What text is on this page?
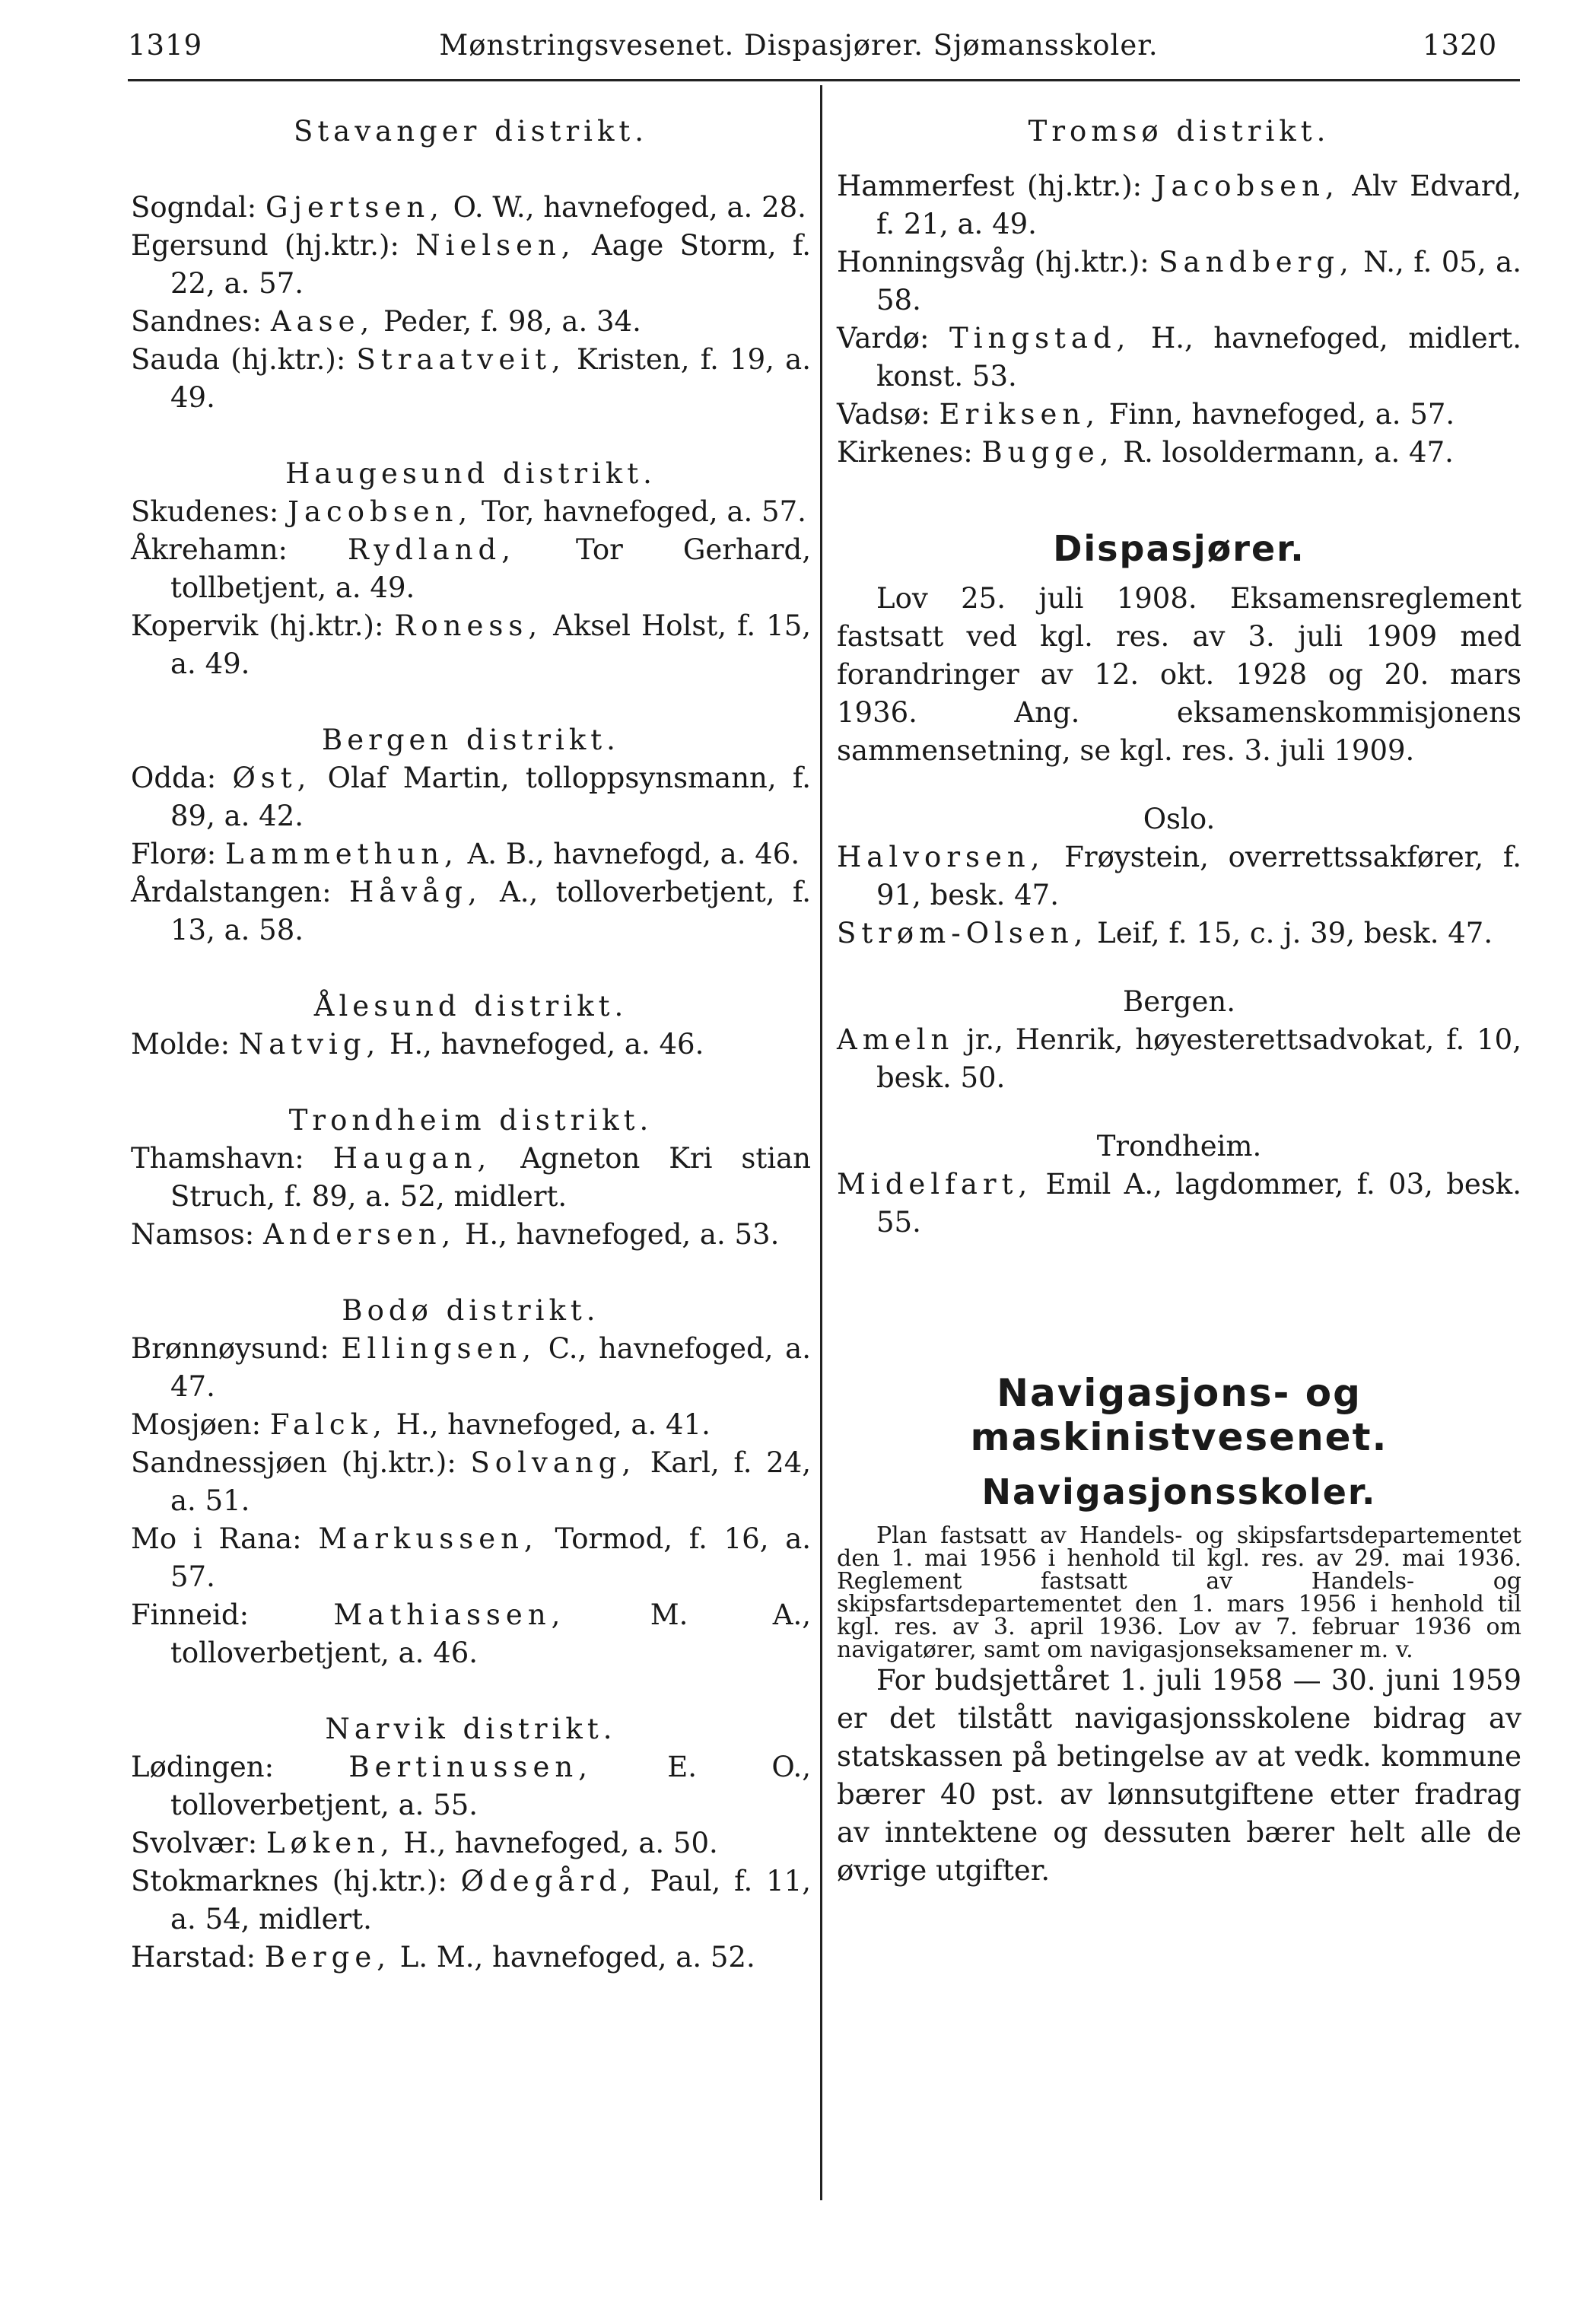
1319	Mønstringsvesenet. Dispasjører. Sjømansskoler.	1320

Stavanger distrikt.

Sogndal: Gjertsen, O. W., havnefoged, a. 28.

Egersund (hj.ktr.): Nielsen, Aage Storm, f. 22, a. 57.

Sandnes: Aase, Peder, f. 98, a. 34.

Sauda (hj.ktr.): Straatveit, Kristen, f. 19, a. 49.

Haugesund distrikt.

Skudenes: Jacobsen, Tor, havnefoged, a. 57.

Åkrehamn: Rydland, Tor Gerhard, tollbetjent, a. 49.

Kopervik (hj.ktr.): Roness, Aksel Holst, f. 15, a. 49.

Bergen distrikt.

Odda: Øst, Olaf Martin, tolloppsynsmann, f. 89, a. 42.

Florø: Lammethun, A. B., havnefogd, a. 46.

Årdalstangen: Håvåg, A., tolloverbetjent, f. 13, a. 58.

Ålesund distrikt.

Molde: Natvig, H., havnefoged, a. 46.

Trondheim distrikt.

Thamshavn: Haugan, Agneton Kri stian Struch, f. 89, a. 52, midlert.

Namsos: Andersen, H., havnefoged, a. 53.

Bodø distrikt.

Brønnøysund: Ellingsen, C., havnefoged, a. 47.

Mosjøen: Falck, H., havnefoged, a. 41.

Sandnessjøen (hj.ktr.): Solvang, Karl, f. 24, a. 51.

Mo i Rana: Markussen, Tormod, f. 16, a. 57.

Finneid:	Mathiassen, M. A., tolloverbetjent, a. 46.

Narvik distrikt.

Lødingen:	Bertinussen, E. O., tolloverbetjent, a. 55.

Svolvær: Løken, H., havnefoged, a. 50.

Stokmarknes (hj.ktr.): Ødegård, Paul, f. 11, a. 54, midlert.

Harstad: Berge, L. M., havnefoged, a. 52.

Tromsø distrikt.

Hammerfest (hj.ktr.): Jacobsen, Alv Edvard, f. 21, a. 49.

Honningsvåg (hj.ktr.): Sandberg, N., f. 05, a. 58.

Vardø: Tingstad, H., havnefoged, midlert. konst. 53.

Vadsø: Eriksen, Finn, havnefoged, a. 57.

Kirkenes: Bugge, R. losoldermann, a. 47.

Dispasjører.

Lov 25. juli 1908. Eksamensreglement fastsatt ved kgl. res. av 3. juli 1909 med forandringer av 12. okt. 1928 og 20. mars 1936. Ang. eksamenskommisjonens sammensetning, se kgl. res. 3. juli 1909.

Oslo.

Halvorsen, Frøystein, overrettssakfører, f. 91, besk. 47.

Strøm-Olsen, Leif, f. 15, c. j. 39, besk. 47.

Bergen.

Ameln jr., Henrik, høyesterettsadvokat, f. 10, besk. 50.

Trondheim.

Midelfart, Emil A., lagdommer, f. 03, besk. 55.

Navigasjons- og maskinistvesenet.

Navigasjonsskoler.

Plan fastsatt av Handels- og skipsfartsdepartementet den 1. mai 1956 i henhold til kgl. res. av 29. mai 1936. Reglement fastsatt av Handels- og skipsfartsdepartementet den 1. mars 1956 i henhold til kgl. res. av 3. april 1936. Lov av 7. februar 1936 om navigatører, samt om navigasjonseksamener m. v.

For budsjettåret 1. juli 1958 — 30. juni 1959 er det tilstått navigasjonsskolene bidrag av statskassen på betingelse av at vedk. kommune bærer 40 pst. av lønnsutgiftene etter fradrag av inntektene og dessuten bærer helt alle de øvrige utgifter.
